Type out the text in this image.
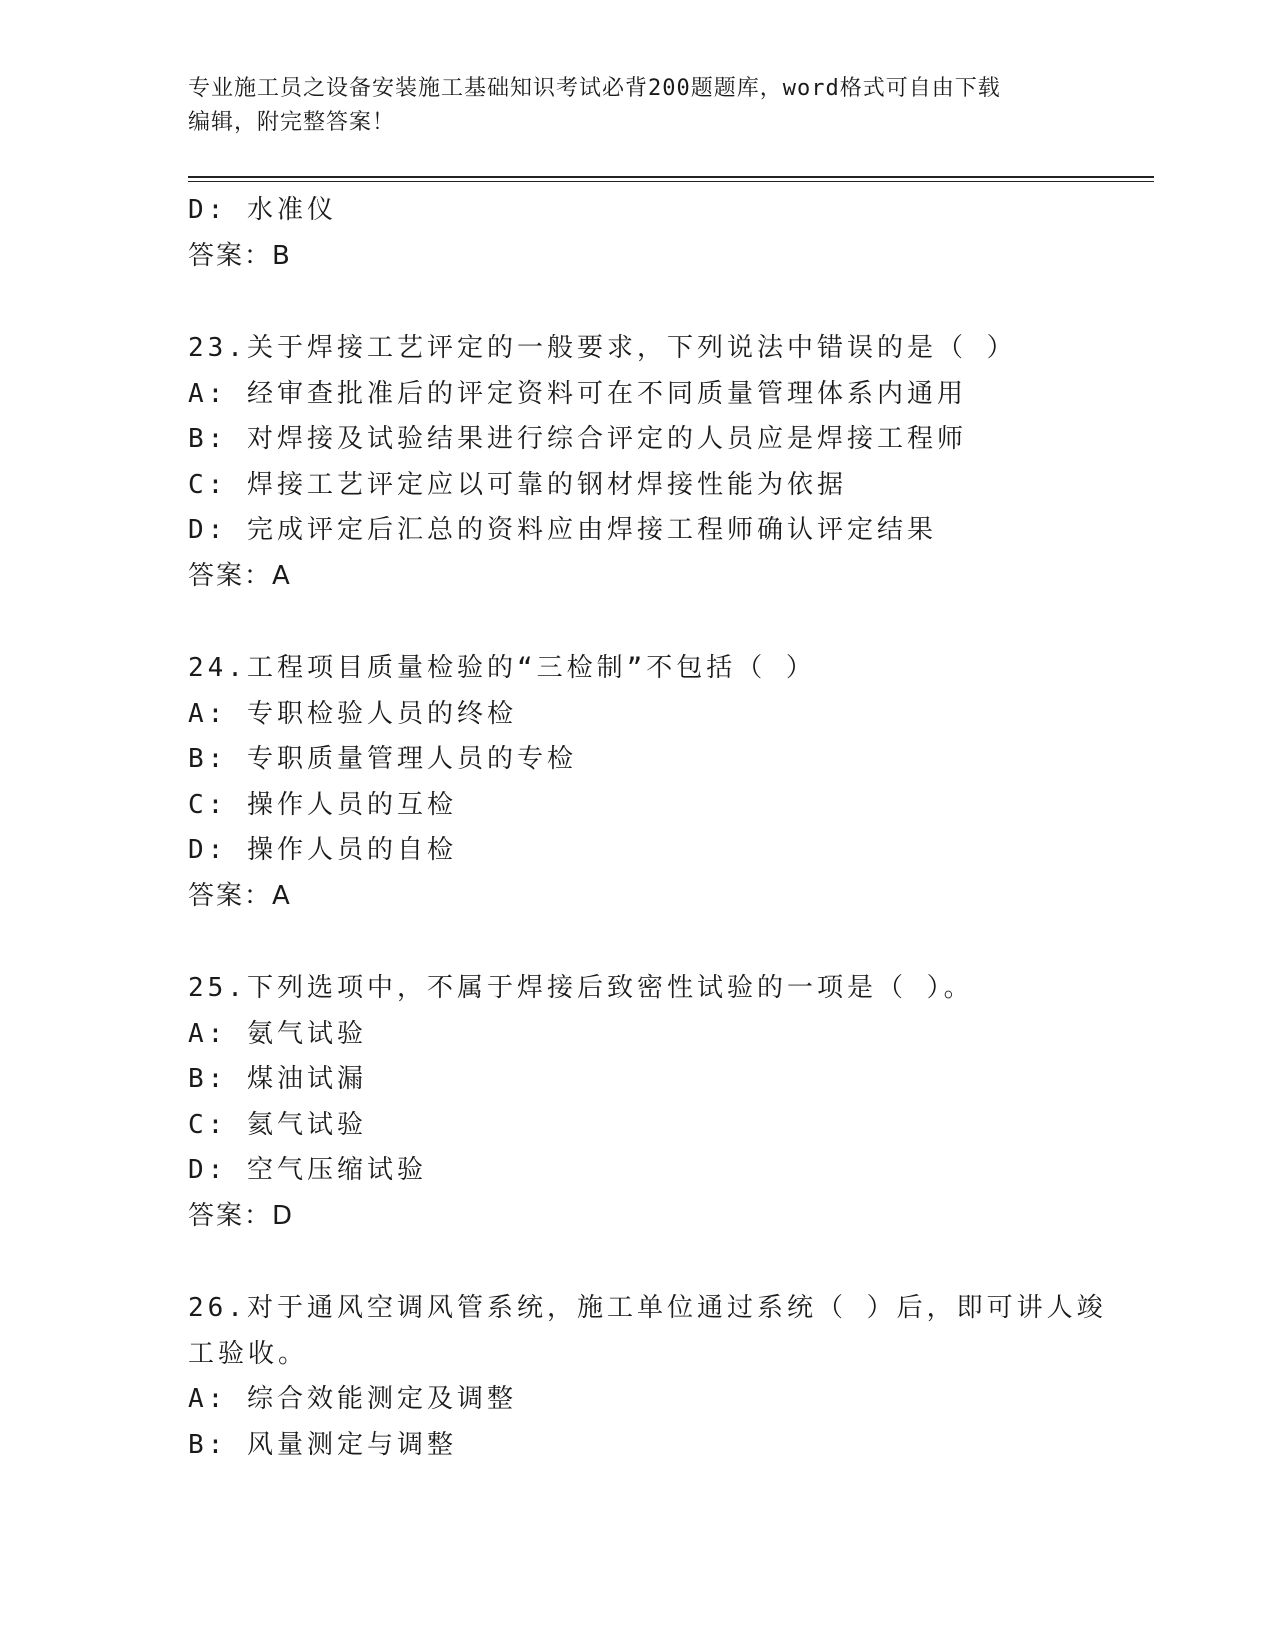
专业施工员之设备安装施工基础知识考试必背200题题库，word格式可自由下载
编辑，附完整答案！
D: 水准仪
答案：B
23.关于焊接工艺评定的一般要求，下列说法中错误的是（ ）
A: 经审查批准后的评定资料可在不同质量管理体系内通用
B: 对焊接及试验结果进行综合评定的人员应是焊接工程师
C: 焊接工艺评定应以可靠的钢材焊接性能为依据
D: 完成评定后汇总的资料应由焊接工程师确认评定结果
答案：A
24.工程项目质量检验的“三检制”不包括（ ）
A: 专职检验人员的终检
B: 专职质量管理人员的专检
C: 操作人员的互检
D: 操作人员的自检
答案：A
25.下列选项中，不属于焊接后致密性试验的一项是（ ）。
A: 氨气试验
B: 煤油试漏
C: 氦气试验
D: 空气压缩试验
答案：D
26.对于通风空调风管系统，施工单位通过系统（ ）后，即可讲人竣
工验收。
A: 综合效能测定及调整
B: 风量测定与调整
